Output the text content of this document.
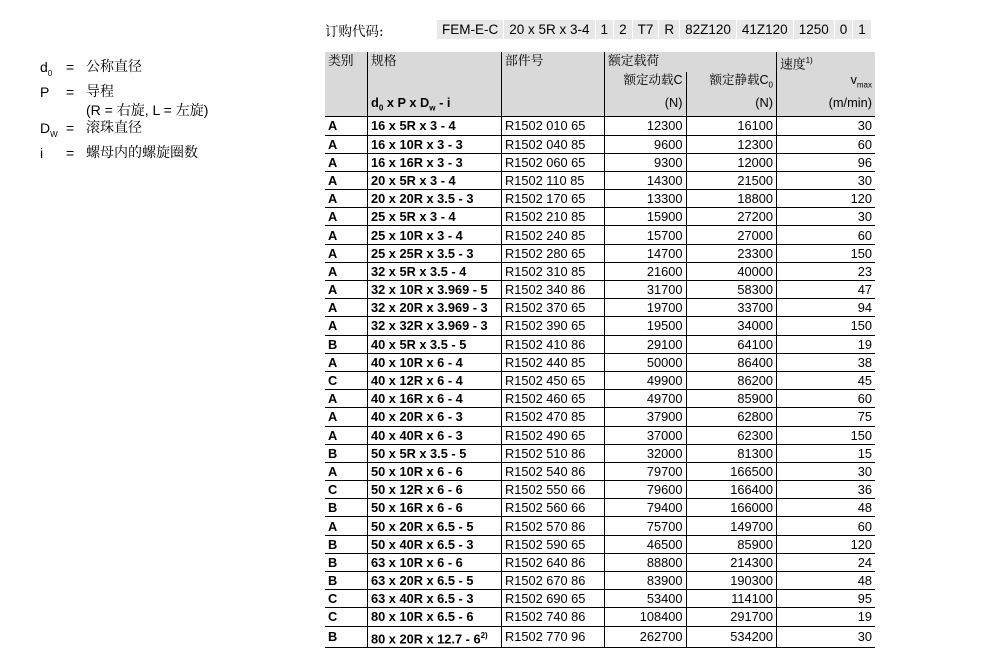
$d_0$ = 公称直径
P	= 导程
(R = 右旋, L = 左旋)
$D_W$ = 滚珠直径
i	= 螺母内的螺旋圈数
订购代码:	FEM-E-C 20 x 5R x 3-4 1 2 T7 R 82Z120 41Z120 1250 0 1
类别	规格	部件号	额定载荷		速度$^{1)}$
			额定动载C	额定静载$C_0$	$v_{max}$
	$d_0$ x P x $D_w$ - i		(N)	(N)	(m/min)
A	16 x 5R x 3 - 4	R1502 010 65	12300	16100	30
A	16 x 10R x 3 - 3	R1502 040 85	9600	12300	60
A	16 x 16R x 3 - 3	R1502 060 65	9300	12000	96
A	20 x 5R x 3 - 4	R1502 110 85	14300	21500	30
A	20 x 20R x 3.5 - 3	R1502 170 65	13300	18800	120
A	25 x 5R x 3 - 4	R1502 210 85	15900	27200	30
A	25 x 10R x 3 - 4	R1502 240 85	15700	27000	60
A	25 x 25R x 3.5 - 3	R1502 280 65	14700	23300	150
A	32 x 5R x 3.5 - 4	R1502 310 85	21600	40000	23
A	32 x 10R x 3.969 - 5	R1502 340 86	31700	58300	47
A	32 x 20R x 3.969 - 3	R1502 370 65	19700	33700	94
A	32 x 32R x 3.969 - 3	R1502 390 65	19500	34000	150
B	40 x 5R x 3.5 - 5	R1502 410 86	29100	64100	19
A	40 x 10R x 6 - 4	R1502 440 85	50000	86400	38
C	40 x 12R x 6 - 4	R1502 450 65	49900	86200	45
A	40 x 16R x 6 - 4	R1502 460 65	49700	85900	60
A	40 x 20R x 6 - 3	R1502 470 85	37900	62800	75
A	40 x 40R x 6 - 3	R1502 490 65	37000	62300	150
B	50 x 5R x 3.5 - 5	R1502 510 86	32000	81300	15
A	50 x 10R x 6 - 6	R1502 540 86	79700	166500	30
C	50 x 12R x 6 - 6	R1502 550 66	79600	166400	36
B	50 x 16R x 6 - 6	R1502 560 66	79400	166000	48
A	50 x 20R x 6.5 - 5	R1502 570 86	75700	149700	60
B	50 x 40R x 6.5 - 3	R1502 590 65	46500	85900	120
B	63 x 10R x 6 - 6	R1502 640 86	88800	214300	24
B	63 x 20R x 6.5 - 5	R1502 670 86	83900	190300	48
C	63 x 40R x 6.5 - 3	R1502 690 65	53400	114100	95
C	80 x 10R x 6.5 - 6	R1502 740 86	108400	291700	19
B	80 x 20R x 12.7 - 6$^{2)}$	R1502 770 96	262700	534200	30
